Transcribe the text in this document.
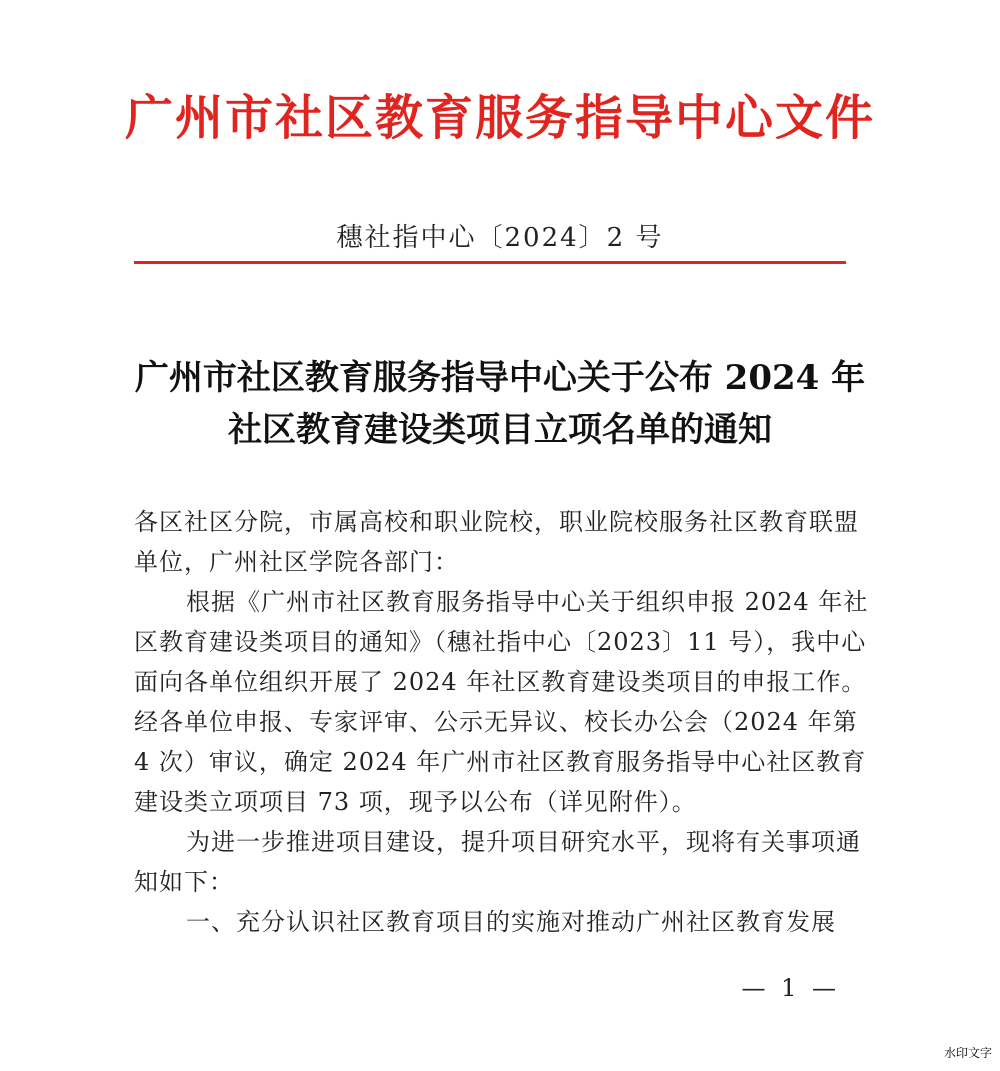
广州市社区教育服务指导中心文件
穗社指中心〔2024〕2 号
广州市社区教育服务指导中心关于公布 2024 年
社区教育建设类项目立项名单的通知
各区社区分院，市属高校和职业院校，职业院校服务社区教育联盟单位，广州社区学院各部门：
根据《广州市社区教育服务指导中心关于组织申报 2024 年社区教育建设类项目的通知》（穗社指中心〔2023〕11 号），我中心面向各单位组织开展了 2024 年社区教育建设类项目的申报工作。经各单位申报、专家评审、公示无异议、校长办公会（2024 年第 4 次）审议，确定 2024 年广州市社区教育服务指导中心社区教育建设类立项项目 73 项，现予以公布（详见附件）。
为进一步推进项目建设，提升项目研究水平，现将有关事项通知如下：
一、充分认识社区教育项目的实施对推动广州社区教育发展
— 1 —
水印文字
